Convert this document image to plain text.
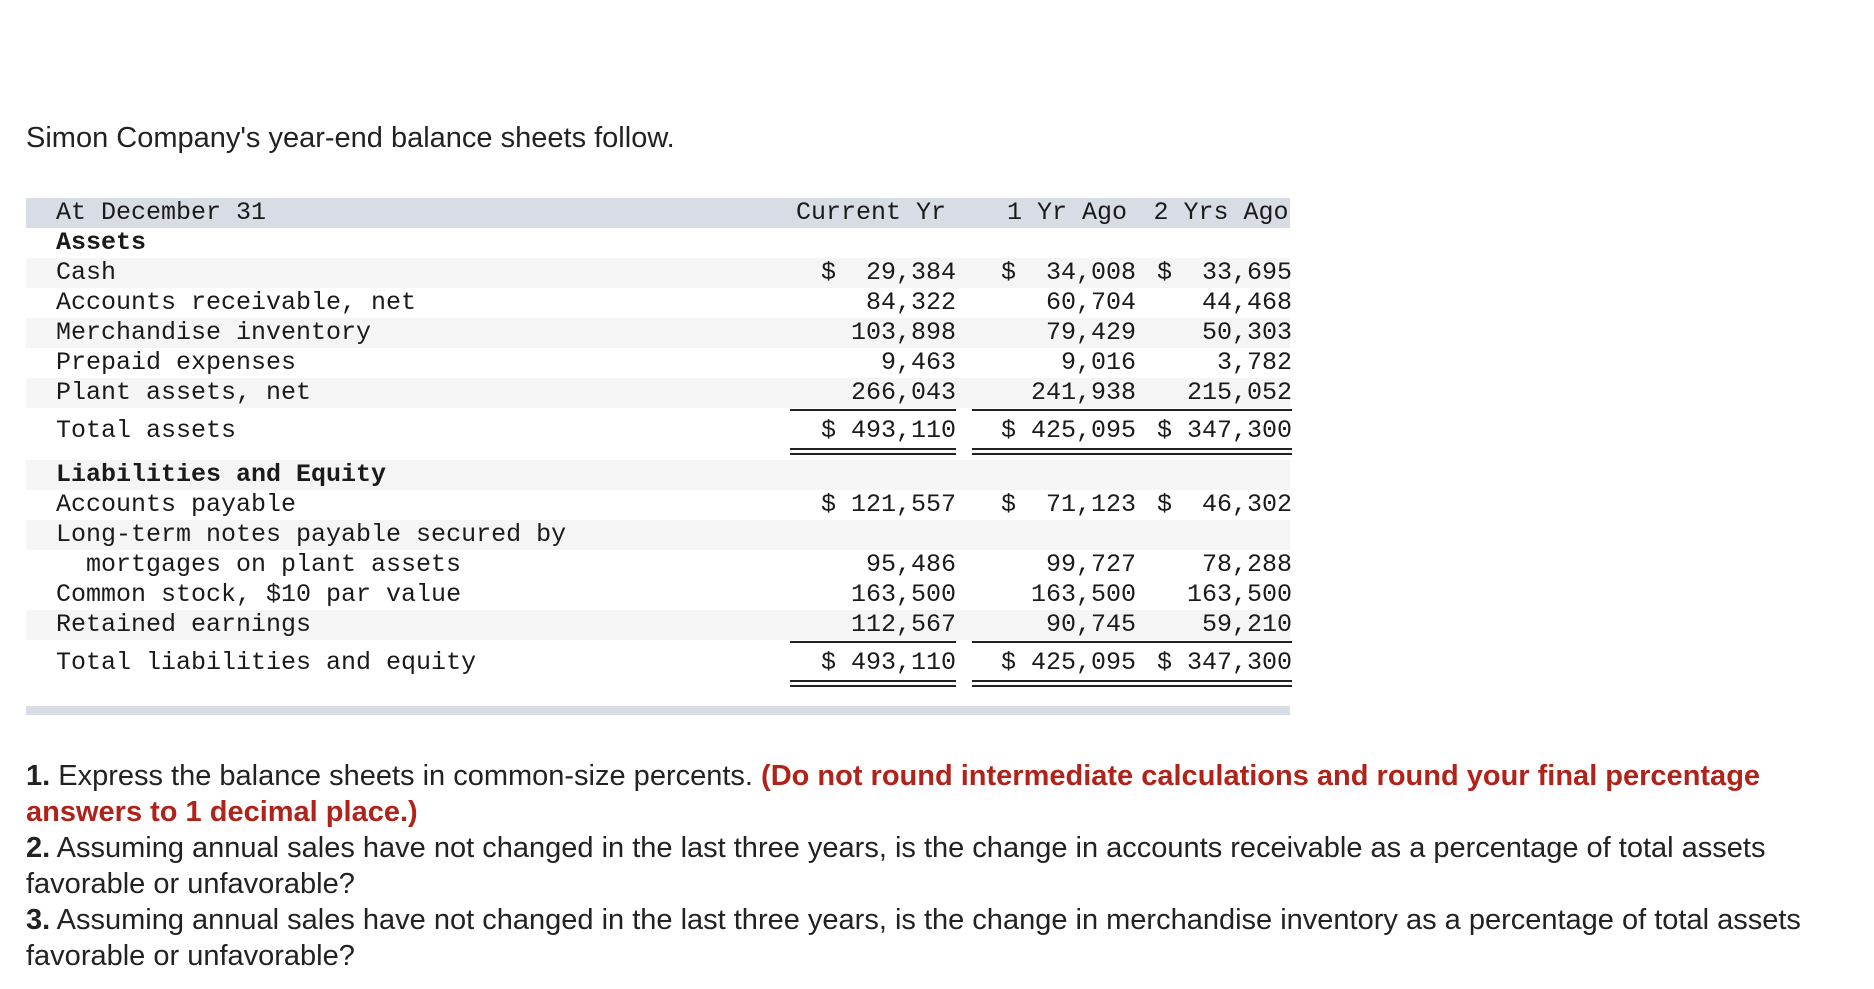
Simon Company's year-end balance sheets follow.
At December 31	Current Yr	1 Yr Ago	2 Yrs Ago
Assets
Cash	$  29,384	$  34,008 $  33,695
Accounts receivable, net	84,322	60,704	44,468
Merchandise inventory	103,898	79,429	50,303
Prepaid expenses	9,463	9,016	3,782
Plant assets, net	266,043	241,938	215,052
Total assets	$ 493,110	$ 425,095 $ 347,300
Liabilities and Equity
Accounts payable	$ 121,557	$  71,123 $  46,302
Long-term notes payable secured by
mortgages on plant assets	95,486	99,727	78,288
Common stock, $10 par value	163,500	163,500	163,500
Retained earnings	112,567	90,745	59,210
Total liabilities and equity	$ 493,110	$ 425,095 $ 347,300

1. Express the balance sheets in common-size percents. (Do not round intermediate calculations and round your final percentage answers to 1 decimal place.)

2. Assuming annual sales have not changed in the last three years, is the change in accounts receivable as a percentage of total assets favorable or unfavorable?

3. Assuming annual sales have not changed in the last three years, is the change in merchandise inventory as a percentage of total assets favorable or unfavorable?
